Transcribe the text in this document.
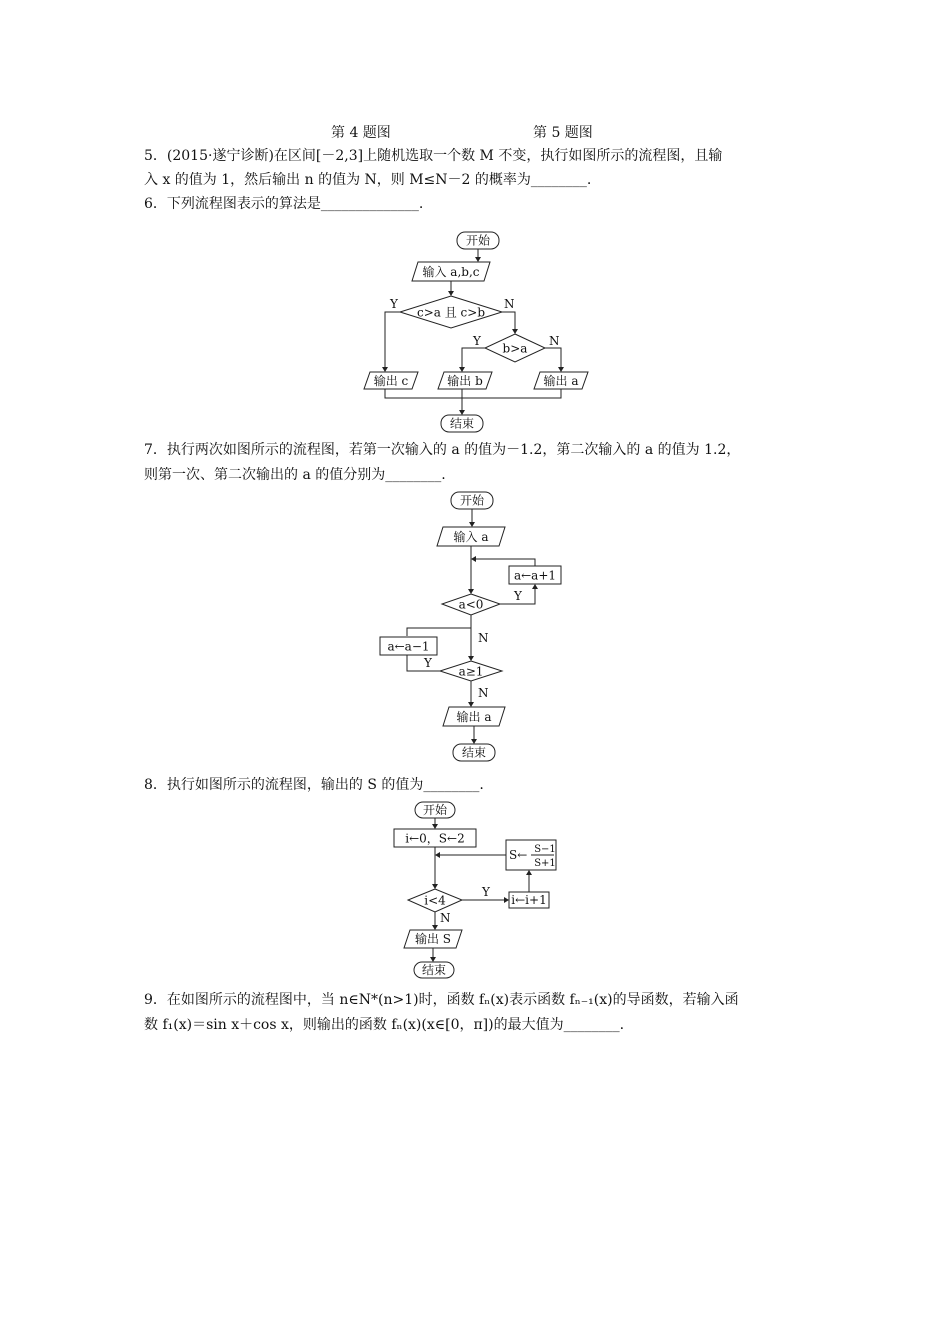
第 4 题图	第 5 题图
5．(2015·遂宁诊断)在区间[－2,3]上随机选取一个数 M 不变，执行如图所示的流程图，且输
入 x 的值为 1，然后输出 n 的值为 N，则 M≤N－2 的概率为________.
6．下列流程图表示的算法是______________.
开始
输入 a,b,c
c>a 且 c>b
Y	N
b>a
Y	N
输出 c	输出 b	输出 a
结束
7．执行两次如图所示的流程图，若第一次输入的 a 的值为－1.2，第二次输入的 a 的值为 1.2，
则第一次、第二次输出的 a 的值分别为________.
开始
输入 a
a<0
Y
a←a+1
N
a←a−1
a≥1
Y
N
输出 a
结束
8．执行如图所示的流程图，输出的 S 的值为________.
开始
i←0，S←2
S← S−1
S+1
i<4
Y
i←i+1
N
输出 S
结束
9．在如图所示的流程图中，当 n∈N*(n>1)时，函数 fₙ(x)表示函数 fₙ₋₁(x)的导函数，若输入函
数 f₁(x)＝sin x＋cos x，则输出的函数 fₙ(x)(x∈[0，π])的最大值为________.
